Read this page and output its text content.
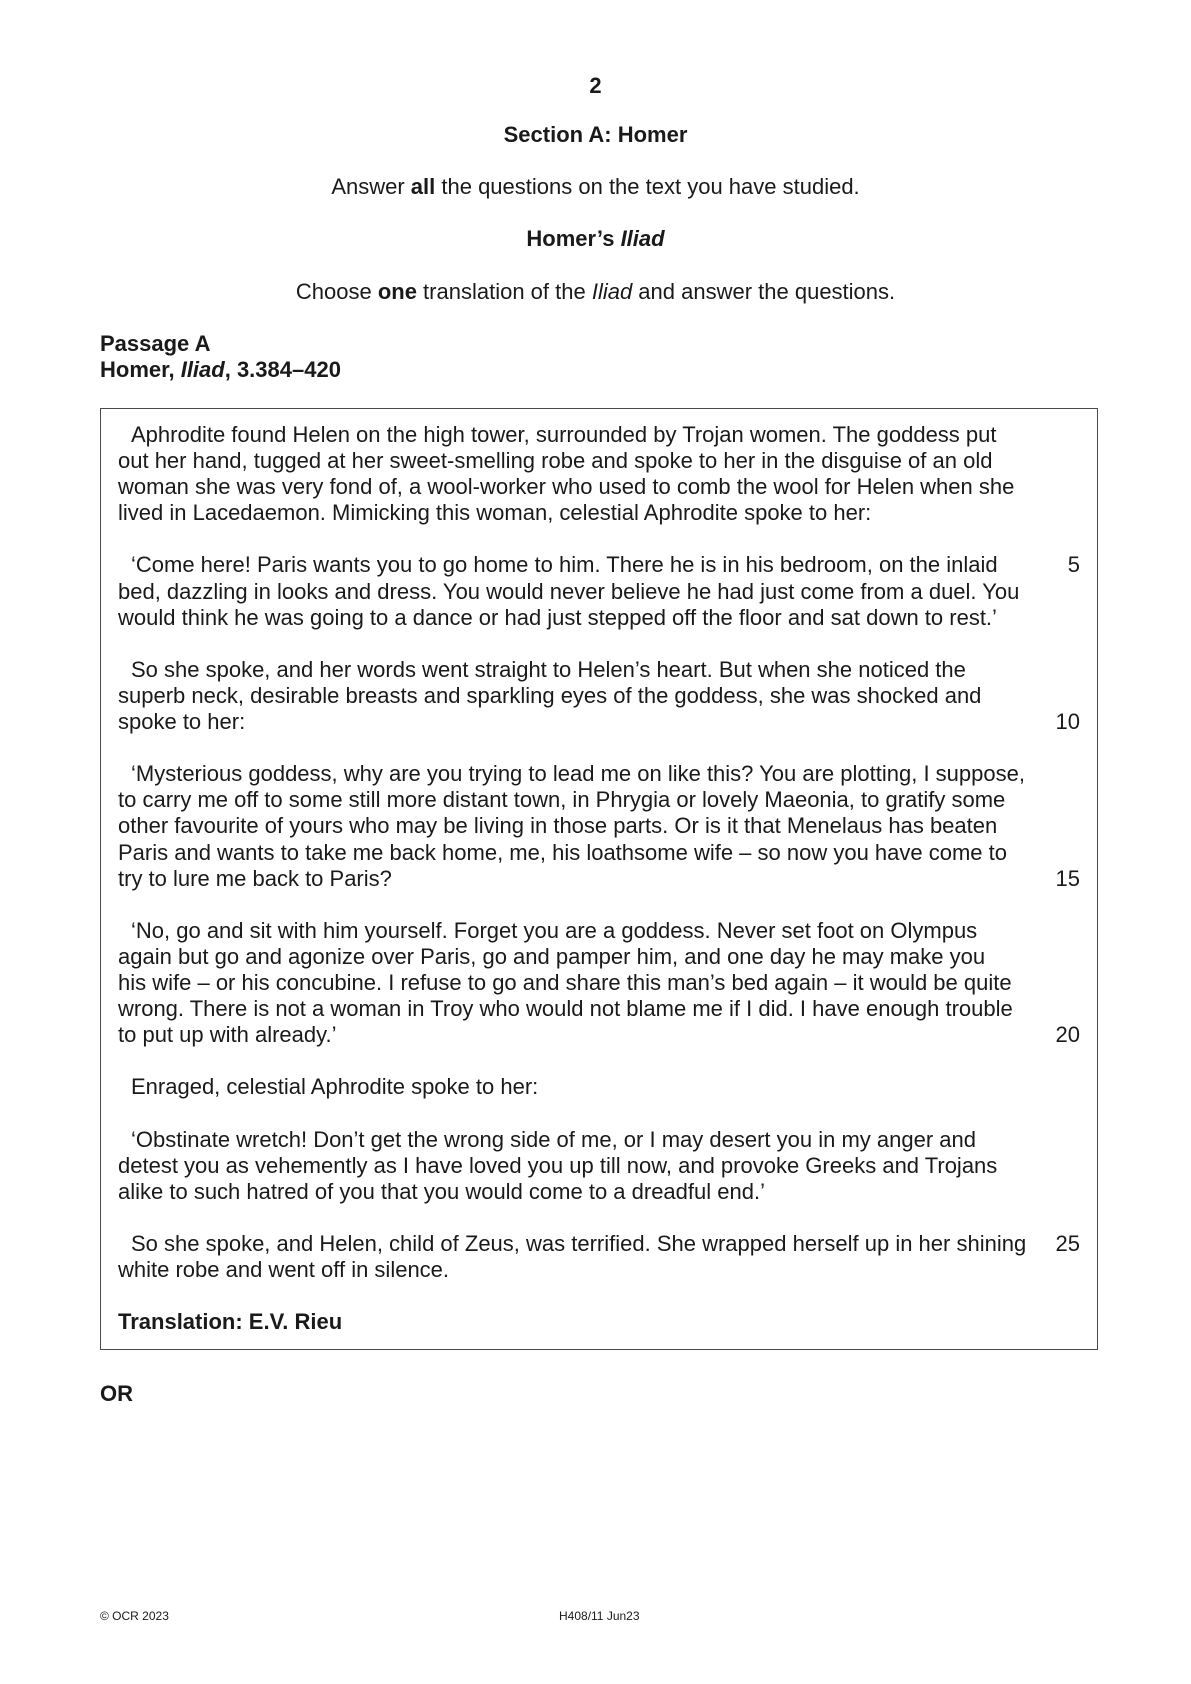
2
Section A: Homer
Answer all the questions on the text you have studied.
Homer’s Iliad
Choose one translation of the Iliad and answer the questions.
Passage A
Homer, Iliad, 3.384–420
Aphrodite found Helen on the high tower, surrounded by Trojan women. The goddess put
out her hand, tugged at her sweet-smelling robe and spoke to her in the disguise of an old
woman she was very fond of, a wool-worker who used to comb the wool for Helen when she
lived in Lacedaemon. Mimicking this woman, celestial Aphrodite spoke to her:
‘Come here! Paris wants you to go home to him. There he is in his bedroom, on the inlaid	5
bed, dazzling in looks and dress. You would never believe he had just come from a duel. You
would think he was going to a dance or had just stepped off the floor and sat down to rest.’
So she spoke, and her words went straight to Helen’s heart. But when she noticed the
superb neck, desirable breasts and sparkling eyes of the goddess, she was shocked and
spoke to her:	10
‘Mysterious goddess, why are you trying to lead me on like this? You are plotting, I suppose,
to carry me off to some still more distant town, in Phrygia or lovely Maeonia, to gratify some
other favourite of yours who may be living in those parts. Or is it that Menelaus has beaten
Paris and wants to take me back home, me, his loathsome wife – so now you have come to
try to lure me back to Paris?	15
‘No, go and sit with him yourself. Forget you are a goddess. Never set foot on Olympus
again but go and agonize over Paris, go and pamper him, and one day he may make you
his wife – or his concubine. I refuse to go and share this man’s bed again – it would be quite
wrong. There is not a woman in Troy who would not blame me if I did. I have enough trouble
to put up with already.’	20
Enraged, celestial Aphrodite spoke to her:
‘Obstinate wretch! Don’t get the wrong side of me, or I may desert you in my anger and
detest you as vehemently as I have loved you up till now, and provoke Greeks and Trojans
alike to such hatred of you that you would come to a dreadful end.’
So she spoke, and Helen, child of Zeus, was terrified. She wrapped herself up in her shining 25
white robe and went off in silence.
Translation: E.V. Rieu
OR
© OCR 2023	H408/11 Jun23
